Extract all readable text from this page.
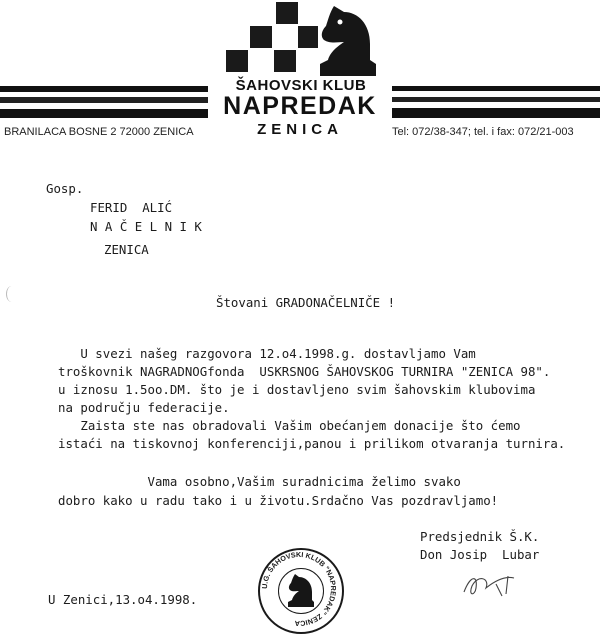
ŠAHOVSKI KLUB
NAPREDAK
ZENICA
BRANILACA BOSNE 2 72000 ZENICA	Tel: 072/38-347; tel. i fax: 072/21-003
Gosp.
FERID  ALIĆ
N A Č E L N I K
ZENICA
Štovani GRADONAČELNIČE !
U svezi našeg razgovora 12.o4.1998.g. dostavljamo Vam
troškovnik NAGRADNOGfonda  USKRSNOG ŠAHOVSKOG TURNIRA "ZENICA 98".
u iznosu 1.5oo.DM. što je i dostavljeno svim šahovskim klubovima
na području federacije.
Zaista ste nas obradovali Vašim obećanjem donacije što ćemo
istaći na tiskovnoj konferenciji,panou i prilikom otvaranja turnira.
Vama osobno,Vašim suradnicima želimo svako
dobro kako u radu tako i u životu.Srdačno Vas pozdravljamo!
Predsjednik Š.K.
Don Josip  Lubar
U Zenici,13.o4.1998.
U.G. ŠAHOVSKI KLUB "NAPREDAK" ZENICA
